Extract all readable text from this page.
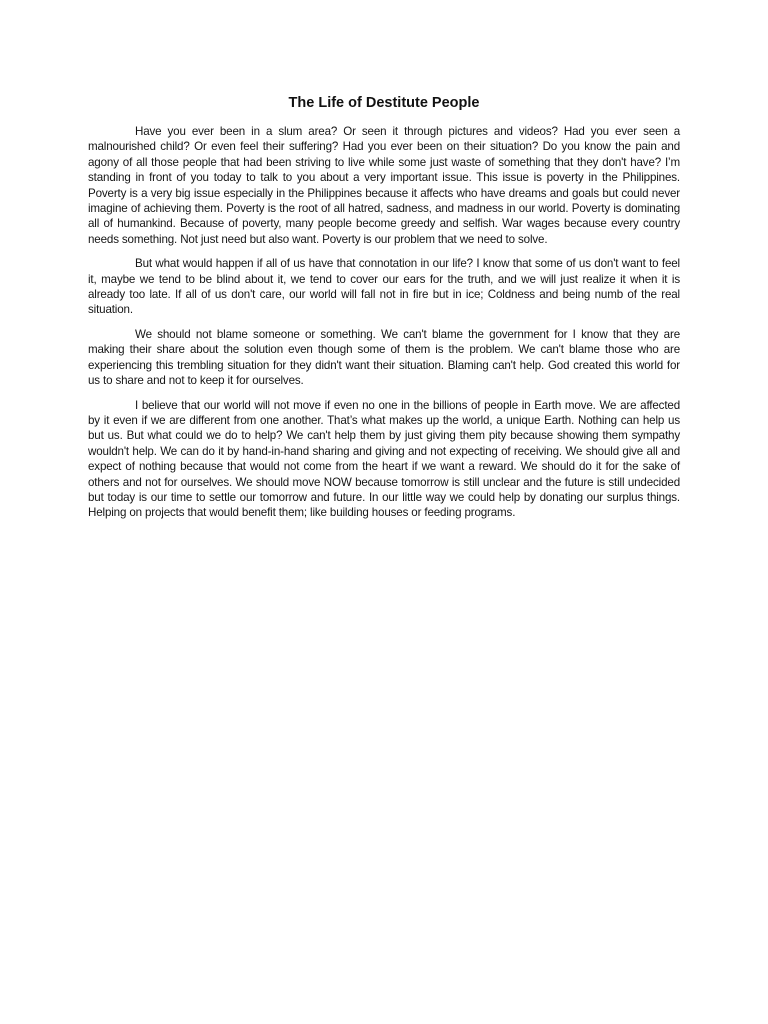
The Life of Destitute People

Have you ever been in a slum area? Or seen it through pictures and videos? Had you ever seen a malnourished child? Or even feel their suffering? Had you ever been on their situation? Do you know the pain and agony of all those people that had been striving to live while some just waste of something that they don't have? I’m standing in front of you today to talk to you about a very important issue. This issue is poverty in the Philippines. Poverty is a very big issue especially in the Philippines because it affects who have dreams and goals but could never imagine of achieving them. Poverty is the root of all hatred, sadness, and madness in our world. Poverty is dominating all of humankind. Because of poverty, many people become greedy and selfish. War wages because every country needs something. Not just need but also want. Poverty is our problem that we need to solve.

But what would happen if all of us have that connotation in our life? I know that some of us don't want to feel it, maybe we tend to be blind about it, we tend to cover our ears for the truth, and we will just realize it when it is already too late. If all of us don't care, our world will fall not in fire but in ice; Coldness and being numb of the real situation.

We should not blame someone or something. We can't blame the government for I know that they are making their share about the solution even though some of them is the problem. We can't blame those who are experiencing this trembling situation for they didn't want their situation. Blaming can't help. God created this world for us to share and not to keep it for ourselves.

I believe that our world will not move if even no one in the billions of people in Earth move. We are affected by it even if we are different from one another. That’s what makes up the world, a unique Earth. Nothing can help us but us. But what could we do to help? We can't help them by just giving them pity because showing them sympathy wouldn't help. We can do it by hand-in-hand sharing and giving and not expecting of receiving. We should give all and expect of nothing because that would not come from the heart if we want a reward. We should do it for the sake of others and not for ourselves. We should move NOW because tomorrow is still unclear and the future is still undecided but today is our time to settle our tomorrow and future. In our little way we could help by donating our surplus things. Helping on projects that would benefit them; like building houses or feeding programs.
